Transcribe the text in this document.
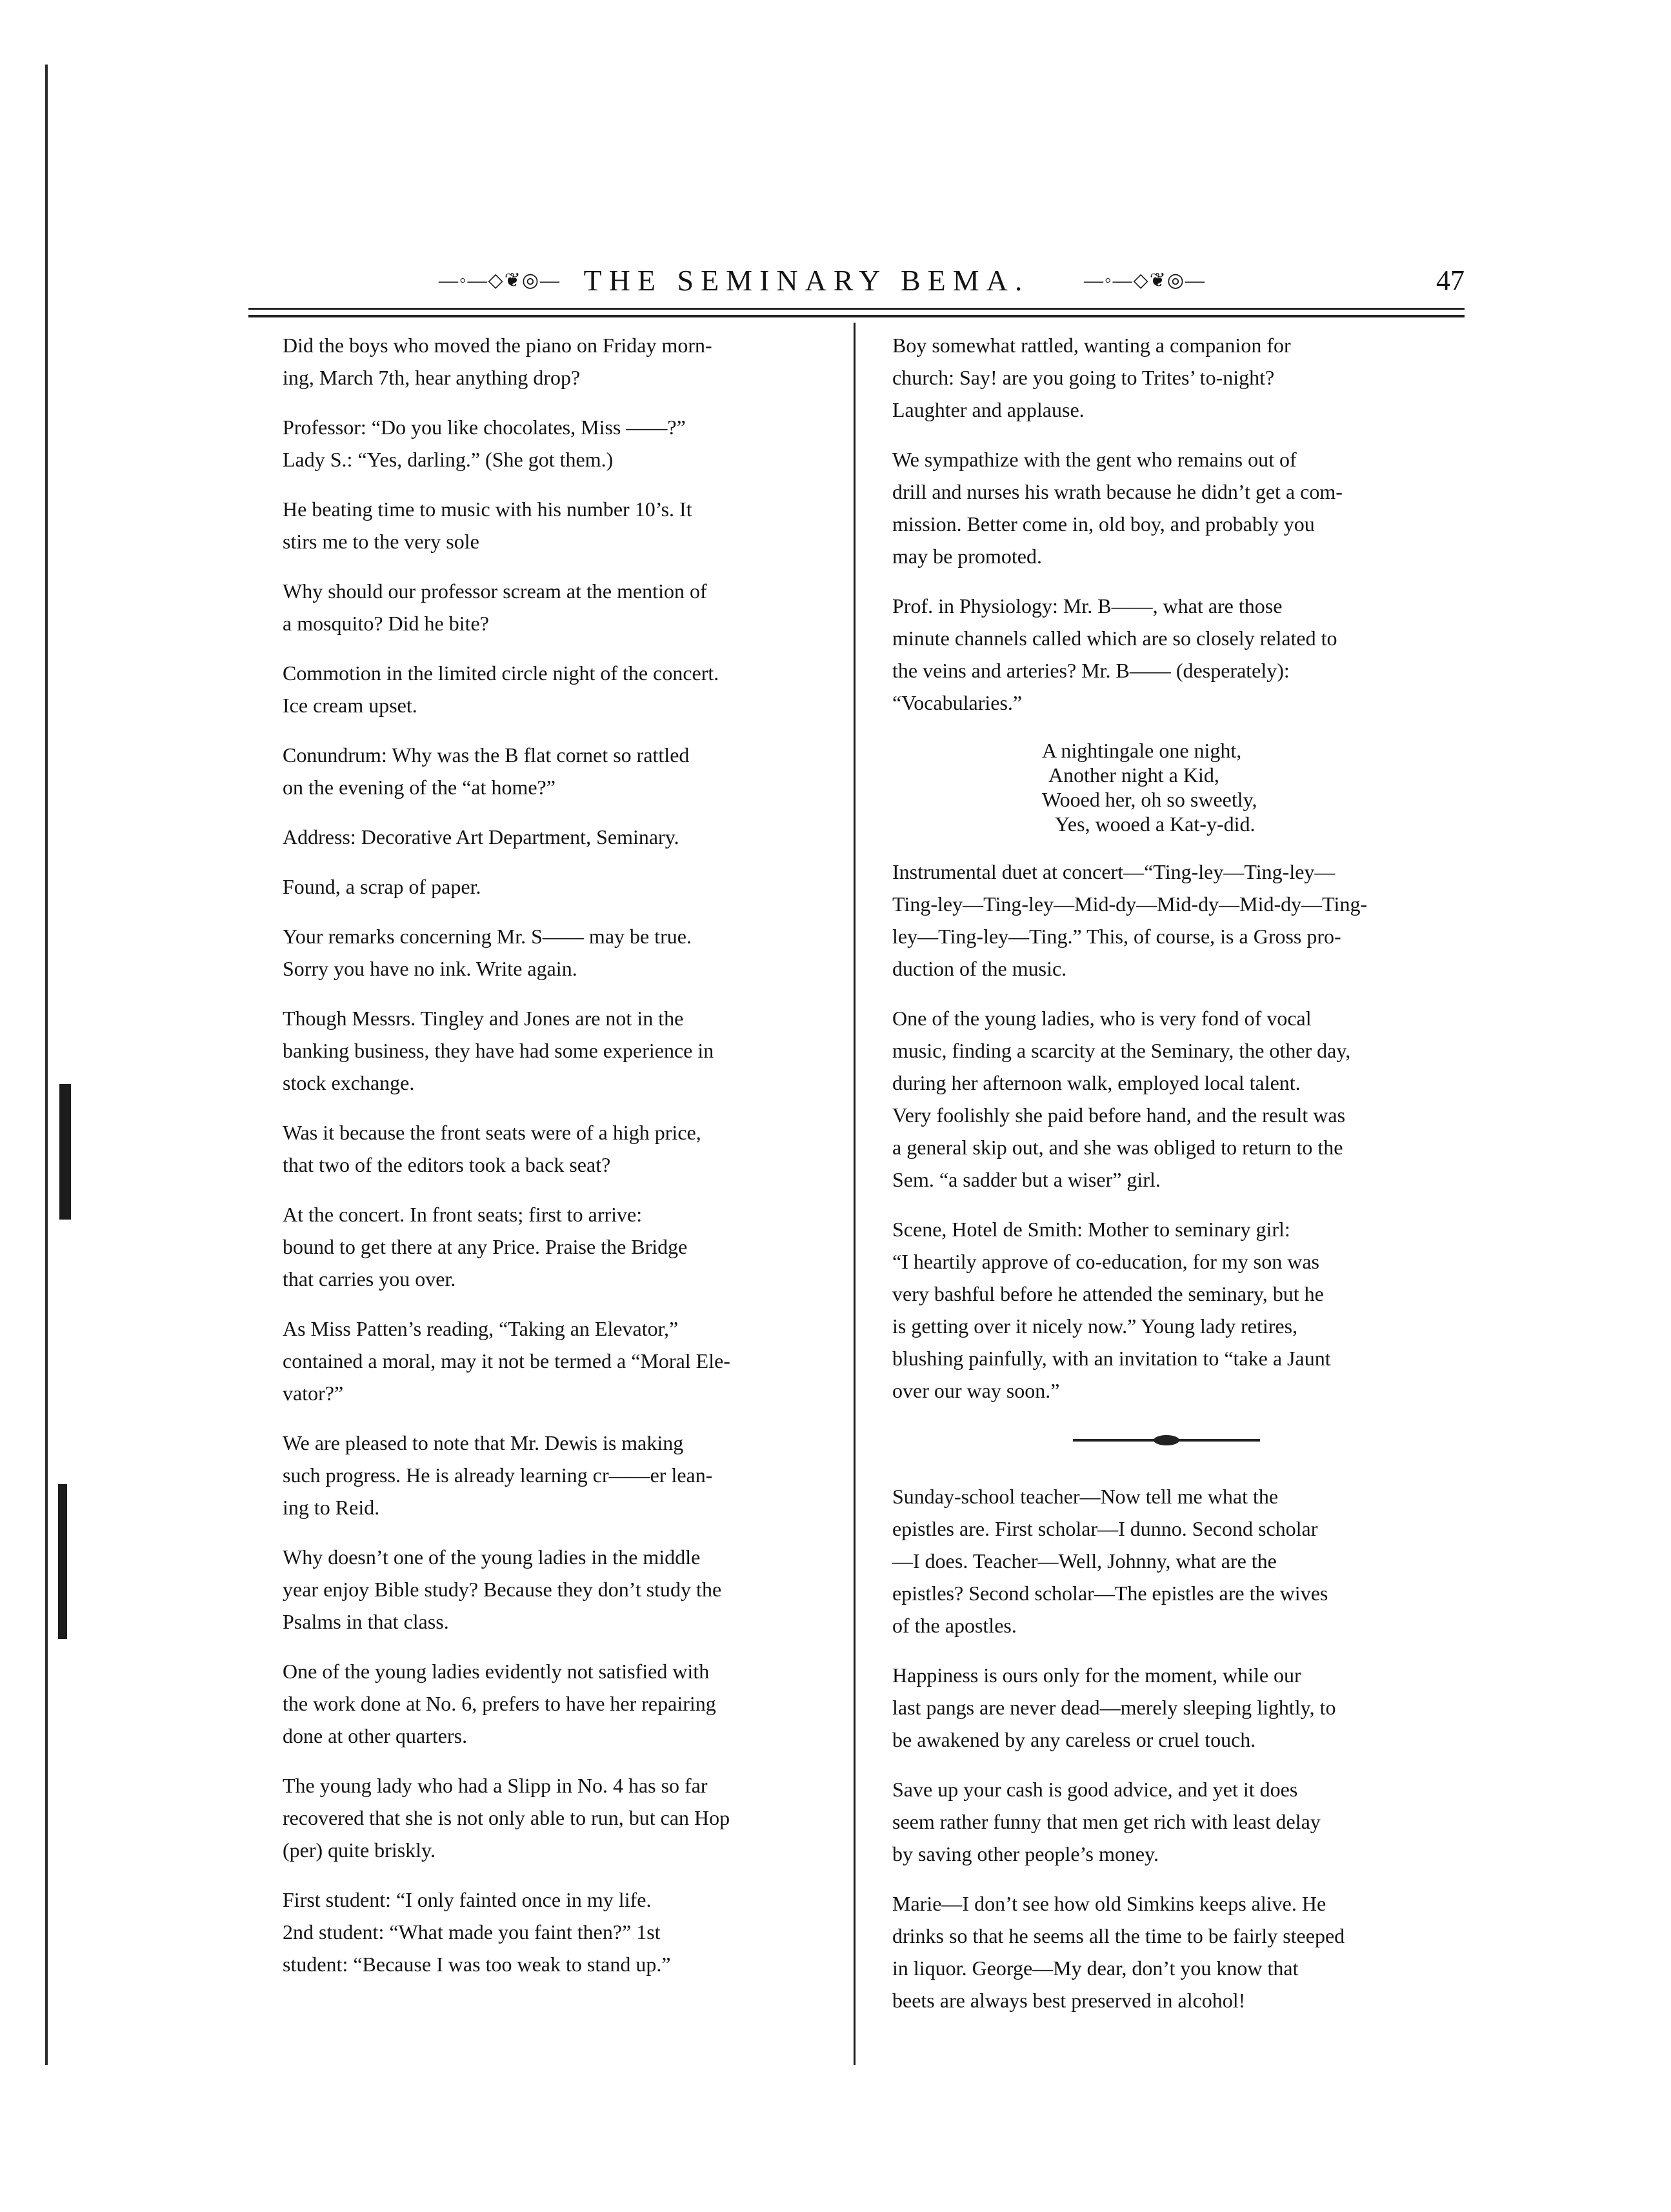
—◦—◇❦◎— THE SEMINARY BEMA.	—◦—◇❦◎—	47

Did the boys who moved the piano on Friday morn-
ing, March 7th, hear anything drop?

Professor: “Do you like chocolates, Miss ——?”
Lady S.: “Yes, darling.” (She got them.)

He beating time to music with his number 10’s. It
stirs me to the very sole

Why should our professor scream at the mention of
a mosquito? Did he bite?

Commotion in the limited circle night of the concert.
Ice cream upset.

Conundrum: Why was the B flat cornet so rattled
on the evening of the “at home?”

Address: Decorative Art Department, Seminary.

Found, a scrap of paper.

Your remarks concerning Mr. S—— may be true.
Sorry you have no ink. Write again.

Though Messrs. Tingley and Jones are not in the
banking business, they have had some experience in
stock exchange.

Was it because the front seats were of a high price,
that two of the editors took a back seat?

At the concert. In front seats; first to arrive:
bound to get there at any Price. Praise the Bridge
that carries you over.

As Miss Patten’s reading, “Taking an Elevator,”
contained a moral, may it not be termed a “Moral Ele-
vator?”

We are pleased to note that Mr. Dewis is making
such progress. He is already learning cr——er lean-
ing to Reid.

Why doesn’t one of the young ladies in the middle
year enjoy Bible study? Because they don’t study the
Psalms in that class.

One of the young ladies evidently not satisfied with
the work done at No. 6, prefers to have her repairing
done at other quarters.

The young lady who had a Slipp in No. 4 has so far
recovered that she is not only able to run, but can Hop
(per) quite briskly.

First student: “I only fainted once in my life.
2nd student: “What made you faint then?” 1st
student: “Because I was too weak to stand up.”

Boy somewhat rattled, wanting a companion for
church: Say! are you going to Trites’ to-night?
Laughter and applause.

We sympathize with the gent who remains out of
drill and nurses his wrath because he didn’t get a com-
mission. Better come in, old boy, and probably you
may be promoted.

Prof. in Physiology: Mr. B——, what are those
minute channels called which are so closely related to
the veins and arteries? Mr. B—— (desperately):
“Vocabularies.”

A nightingale one night,
Another night a Kid,
Wooed her, oh so sweetly,
Yes, wooed a Kat-y-did.

Instrumental duet at concert—“Ting-ley—Ting-ley—
Ting-ley—Ting-ley—Mid-dy—Mid-dy—Mid-dy—Ting-
ley—Ting-ley—Ting.” This, of course, is a Gross pro-
duction of the music.

One of the young ladies, who is very fond of vocal
music, finding a scarcity at the Seminary, the other day,
during her afternoon walk, employed local talent.
Very foolishly she paid before hand, and the result was
a general skip out, and she was obliged to return to the
Sem. “a sadder but a wiser” girl.

Scene, Hotel de Smith: Mother to seminary girl:
“I heartily approve of co-education, for my son was
very bashful before he attended the seminary, but he
is getting over it nicely now.” Young lady retires,
blushing painfully, with an invitation to “take a Jaunt
over our way soon.”

Sunday-school teacher—Now tell me what the
epistles are. First scholar—I dunno. Second scholar
—I does. Teacher—Well, Johnny, what are the
epistles? Second scholar—The epistles are the wives
of the apostles.

Happiness is ours only for the moment, while our
last pangs are never dead—merely sleeping lightly, to
be awakened by any careless or cruel touch.

Save up your cash is good advice, and yet it does
seem rather funny that men get rich with least delay
by saving other people’s money.

Marie—I don’t see how old Simkins keeps alive. He
drinks so that he seems all the time to be fairly steeped
in liquor. George—My dear, don’t you know that
beets are always best preserved in alcohol!
